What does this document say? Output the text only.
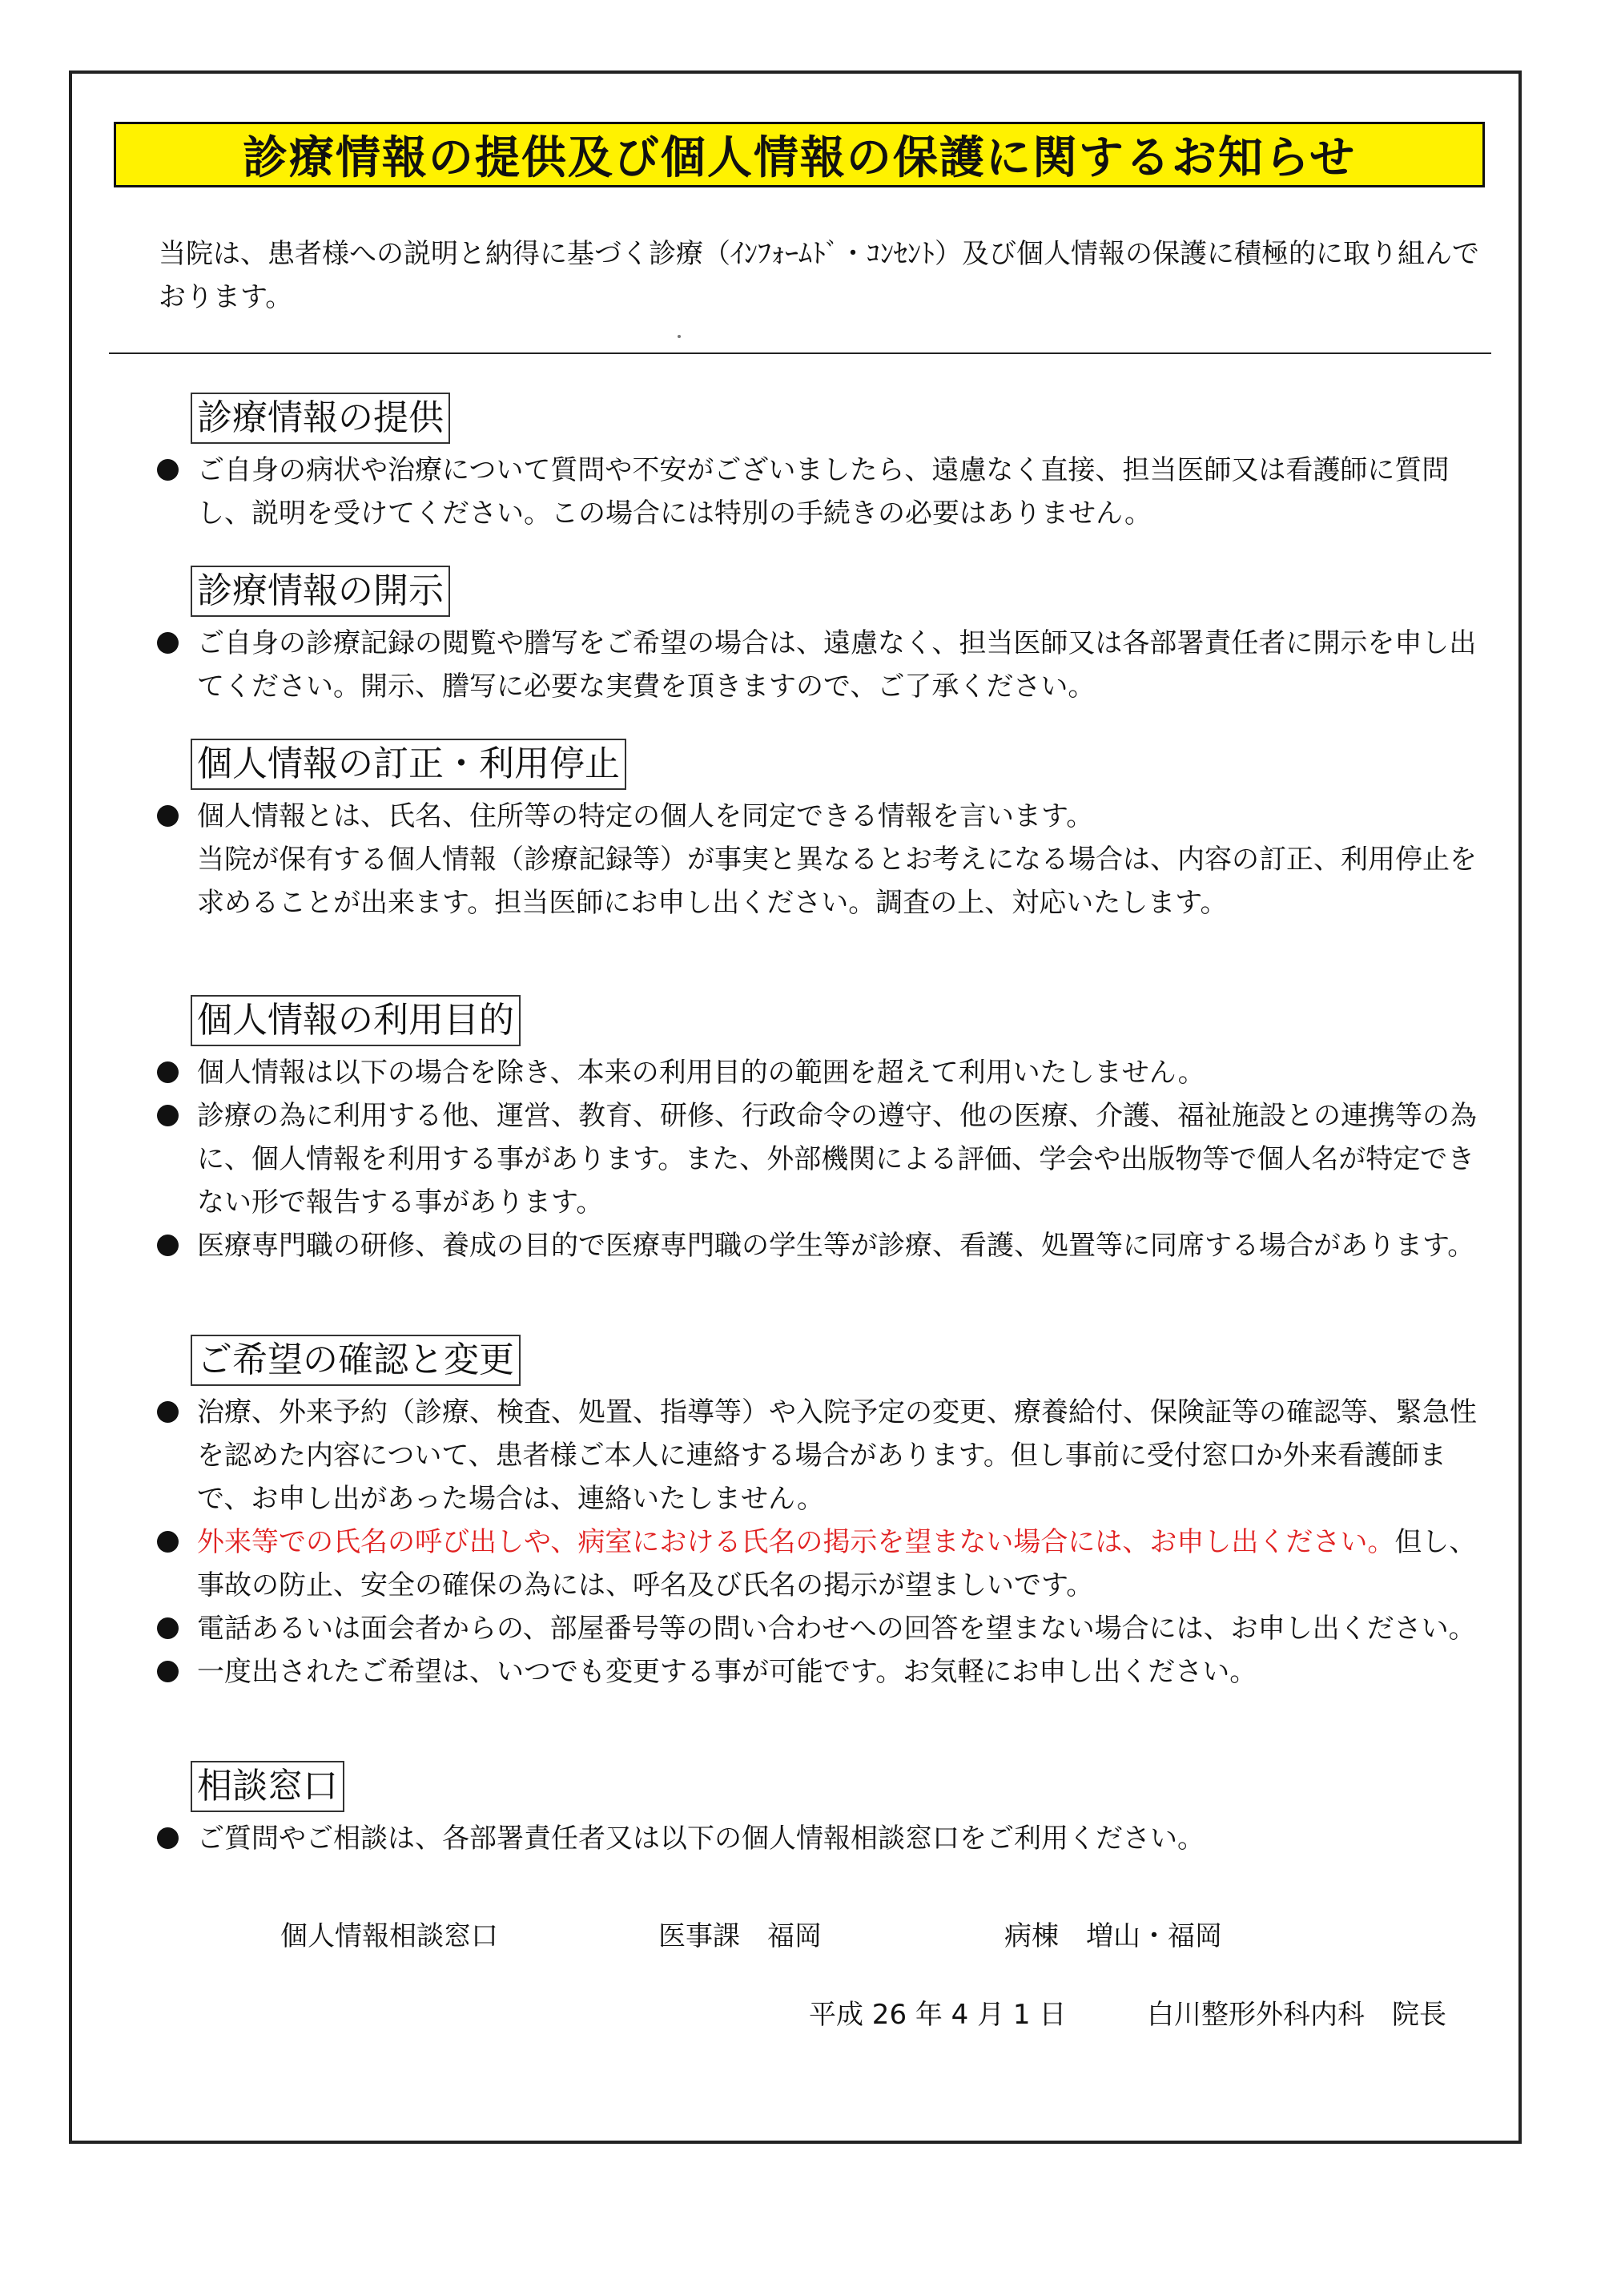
診療情報の提供及び個人情報の保護に関するお知らせ
当院は、患者様への説明と納得に基づく診療（ｲﾝﾌｫｰﾑﾄﾞ・ｺﾝｾﾝﾄ）及び個人情報の保護に積極的に取り組んでおります。
診療情報の提供
ご自身の病状や治療について質問や不安がございましたら、遠慮なく直接、担当医師又は看護師に質問し、説明を受けてください。この場合には特別の手続きの必要はありません。
診療情報の開示
ご自身の診療記録の閲覧や謄写をご希望の場合は、遠慮なく、担当医師又は各部署責任者に開示を申し出てください。開示、謄写に必要な実費を頂きますので、ご了承ください。
個人情報の訂正・利用停止
個人情報とは、氏名、住所等の特定の個人を同定できる情報を言います。
当院が保有する個人情報（診療記録等）が事実と異なるとお考えになる場合は、内容の訂正、利用停止を求めることが出来ます。担当医師にお申し出ください。調査の上、対応いたします。
個人情報の利用目的
個人情報は以下の場合を除き、本来の利用目的の範囲を超えて利用いたしません。
診療の為に利用する他、運営、教育、研修、行政命令の遵守、他の医療、介護、福祉施設との連携等の為に、個人情報を利用する事があります。また、外部機関による評価、学会や出版物等で個人名が特定できない形で報告する事があります。
医療専門職の研修、養成の目的で医療専門職の学生等が診療、看護、処置等に同席する場合があります。
ご希望の確認と変更
治療、外来予約（診療、検査、処置、指導等）や入院予定の変更、療養給付、保険証等の確認等、緊急性を認めた内容について、患者様ご本人に連絡する場合があります。但し事前に受付窓口か外来看護師まで、お申し出があった場合は、連絡いたしません。
外来等での氏名の呼び出しや、病室における氏名の掲示を望まない場合には、お申し出ください。但し、事故の防止、安全の確保の為には、呼名及び氏名の掲示が望ましいです。
電話あるいは面会者からの、部屋番号等の問い合わせへの回答を望まない場合には、お申し出ください。
一度出されたご希望は、いつでも変更する事が可能です。お気軽にお申し出ください。
相談窓口
ご質問やご相談は、各部署責任者又は以下の個人情報相談窓口をご利用ください。
個人情報相談窓口	医事課　福岡	病棟　増山・福岡
平成 26 年 4 月 1 日	白川整形外科内科　院長
